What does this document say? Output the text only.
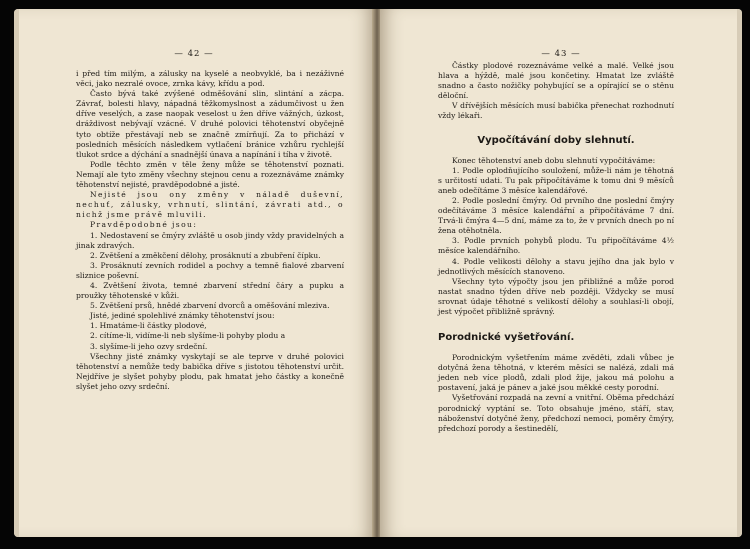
— 42 —

i před tím milým, a zálusky na kyselé a neobvyklé, ba i nezáživné věci, jako nezralé ovoce, zrnka kávy, křídu a pod.

Často bývá také zvýšené odměšování slin, slintání a zácpa. Závrať, bolesti hlavy, nápadná těžkomyslnost a zádumčivost u žen dříve veselých, a zase naopak veselost u žen dříve vážných, úzkost, dráždivost nebývají vzácné. V druhé polovici těhotenství obyčejně tyto obtíže přestávají neb se značně zmírňují. Za to přichází v posledních měsících následkem vytlačení bránice vzhůru rychlejší tlukot srdce a dýchání a snadnější únava a napínání i tíha v životě.

Podle těchto změn v těle ženy může se těhotenství poznati. Nemají ale tyto změny všechny stejnou cenu a rozeznáváme známky těhotenství nejisté, pravděpodobné a jisté.

Nejisté jsou ony změny v náladě duševní, nechuť, zálusky, vrhnutí, slintání, závrati atd., o nichž jsme právě mluvili.

Pravděpodobné jsou:

1. Nedostavení se čmýry zvláště u osob jindy vždy pravidelných a jinak zdravých.

2. Zvětšení a změkčení dělohy, prosáknutí a zbubření čípku.

3. Prosáknutí zevních rodidel a pochvy a temně fialové zbarvení sliznice poševní.

4. Zvětšení života, temné zbarvení střední čáry a pupku a proužky těhotenské v kůži.

5. Zvětšení prsů, hnědé zbarvení dvorců a oměšování mleziva.

Jisté, jediné spolehlivé známky těhotenství jsou:

1. Hmatáme-li částky plodové,

2. cítíme-li, vidíme-li neb slyšíme-li pohyby plodu a

3. slyšíme-li jeho ozvy srdeční.

Všechny jisté známky vyskytají se ale teprve v druhé polovici těhotenství a nemůže tedy babička dříve s jistotou těhotenství určit. Nejdříve je slyšet pohyby plodu, pak hmatat jeho částky a konečně slyšet jeho ozvy srdeční.

— 43 —

Částky plodové rozeznáváme velké a malé. Velké jsou hlava a hýždě, malé jsou končetiny. Hmatat lze zvláště snadno a často nožičky pohybující se a opírající se o stěnu děloční.

V dřívějších měsících musí babička přenechat rozhodnutí vždy lékaři.

Vypočítávání doby slehnutí.

Konec těhotenství aneb dobu slehnutí vypočítáváme:

1. Podle oplodňujícího souložení, může-li nám je těhotná s určitostí udati. Tu pak připočítáváme k tomu dni 9 měsíců aneb odečítáme 3 měsíce kalendářové.

2. Podle poslední čmýry. Od prvního dne poslední čmýry odečítáváme 3 měsíce kalendářní a připočítáváme 7 dní. Trvá-li čmýra 4—5 dní, máme za to, že v prvních dnech po ní žena otěhotněla.

3. Podle prvních pohybů plodu. Tu připočítáváme 4½ měsíce kalendářního.

4. Podle velikosti dělohy a stavu jejího dna jak bylo v jednotlivých měsících stanoveno.

Všechny tyto výpočty jsou jen přibližné a může porod nastat snadno týden dříve neb později. Vždycky se musí srovnat údaje těhotné s velikostí dělohy a souhlasí-li obojí, jest výpočet přibližně správný.

Porodnické vyšetřování.

Porodnickým vyšetřením máme zvěděti, zdali vůbec je dotyčná žena těhotná, v kterém měsíci se nalézá, zdali má jeden neb více plodů, zdali plod žije, jakou má polohu a postavení, jaká je pánev a jaké jsou měkké cesty porodní.

Vyšetřování rozpadá na zevní a vnitřní. Oběma předchází porodnický vyptání se. Toto obsahuje jméno, stáří, stav, náboženství dotyčné ženy, předchozí nemoci, poměry čmýry, předchozí porody a šestinedělí,
